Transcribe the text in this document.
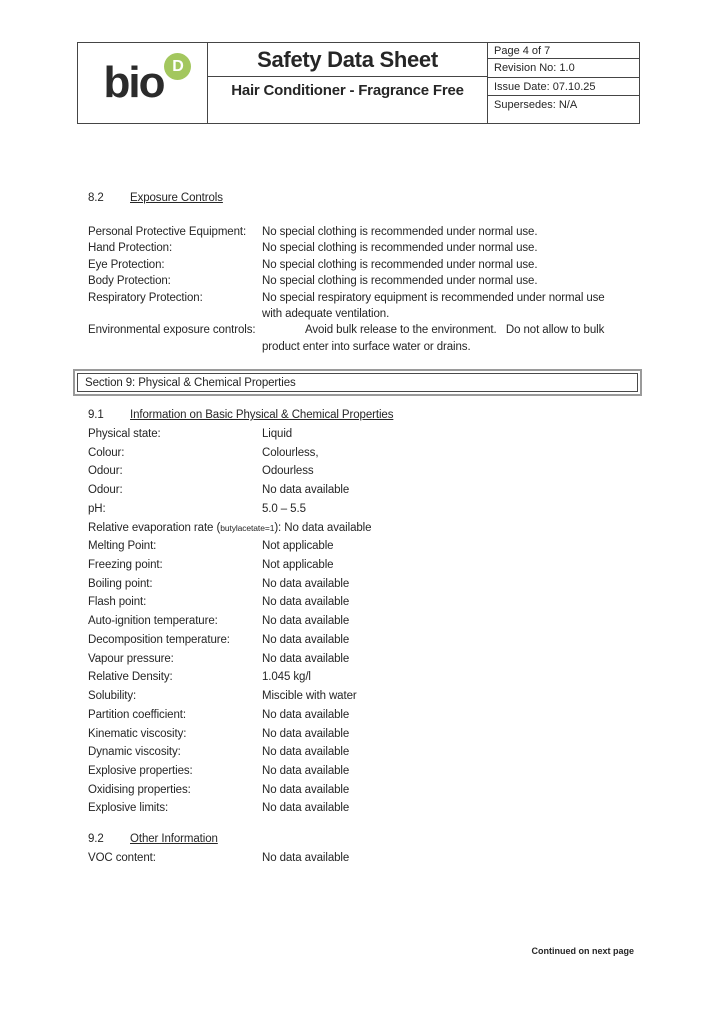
bio D	Safety Data Sheet
Hair Conditioner - Fragrance Free
Page 4 of 7
Revision No: 1.0
Issue Date: 07.10.25
Supersedes: N/A
8.2 Exposure Controls
Personal Protective Equipment:	No special clothing is recommended under normal use.
Hand Protection:	No special clothing is recommended under normal use.
Eye Protection:	No special clothing is recommended under normal use.
Body Protection:	No special clothing is recommended under normal use.
Respiratory Protection:	No special respiratory equipment is recommended under normal use with adequate ventilation.
Environmental exposure controls:	Avoid bulk release to the environment.   Do not allow to bulk product enter into surface water or drains.
Section 9: Physical & Chemical Properties
9.1 Information on Basic Physical & Chemical Properties
Physical state:	Liquid
Colour:	Colourless,
Odour:	Odourless
Odour:	No data available
pH:	5.0 – 5.5
Relative evaporation rate (butylacetate=1): No data available
Melting Point:	Not applicable
Freezing point:	Not applicable
Boiling point:	No data available
Flash point:	No data available
Auto-ignition temperature:	No data available
Decomposition temperature:	No data available
Vapour pressure:	No data available
Relative Density:	1.045 kg/l
Solubility:	Miscible with water
Partition coefficient:	No data available
Kinematic viscosity:	No data available
Dynamic viscosity:	No data available
Explosive properties:	No data available
Oxidising properties:	No data available
Explosive limits:	No data available
9.2 Other Information
VOC content:	No data available
Continued on next page
